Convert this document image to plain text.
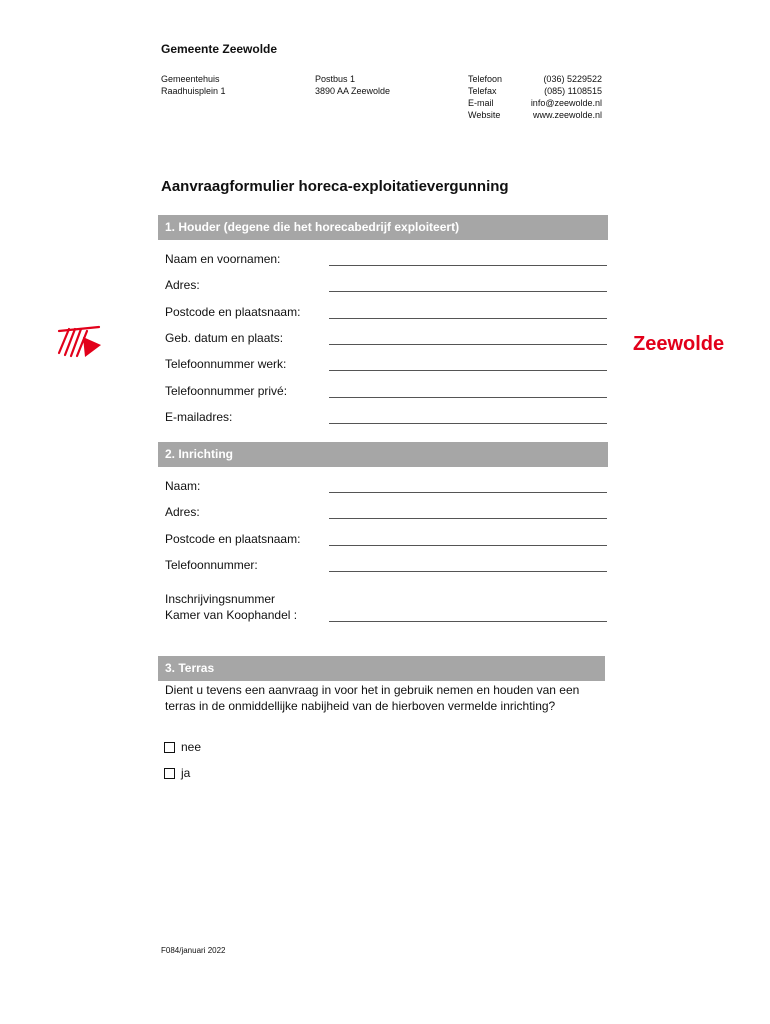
Gemeente Zeewolde
Gemeentehuis
Raadhuisplein 1
Postbus 1
3890 AA Zeewolde
Telefoon
Telefax
E-mail
Website
(036) 5229522
(085) 1108515
info@zeewolde.nl
www.zeewolde.nl
Zeewolde
Aanvraagformulier horeca-exploitatievergunning
1. Houder (degene die het horecabedrijf exploiteert)
Naam en voornamen:
Adres:
Postcode en plaatsnaam:
Geb. datum en plaats:
Telefoonnummer werk:
Telefoonnummer privé:
E-mailadres:
2. Inrichting
Naam:
Adres:
Postcode en plaatsnaam:
Telefoonnummer:
Inschrijvingsnummer
Kamer van Koophandel :
3. Terras
Dient u tevens een aanvraag in voor het in gebruik nemen en houden van een terras in de onmiddellijke nabijheid van de hierboven vermelde inrichting?
nee
ja
F084/januari 2022
